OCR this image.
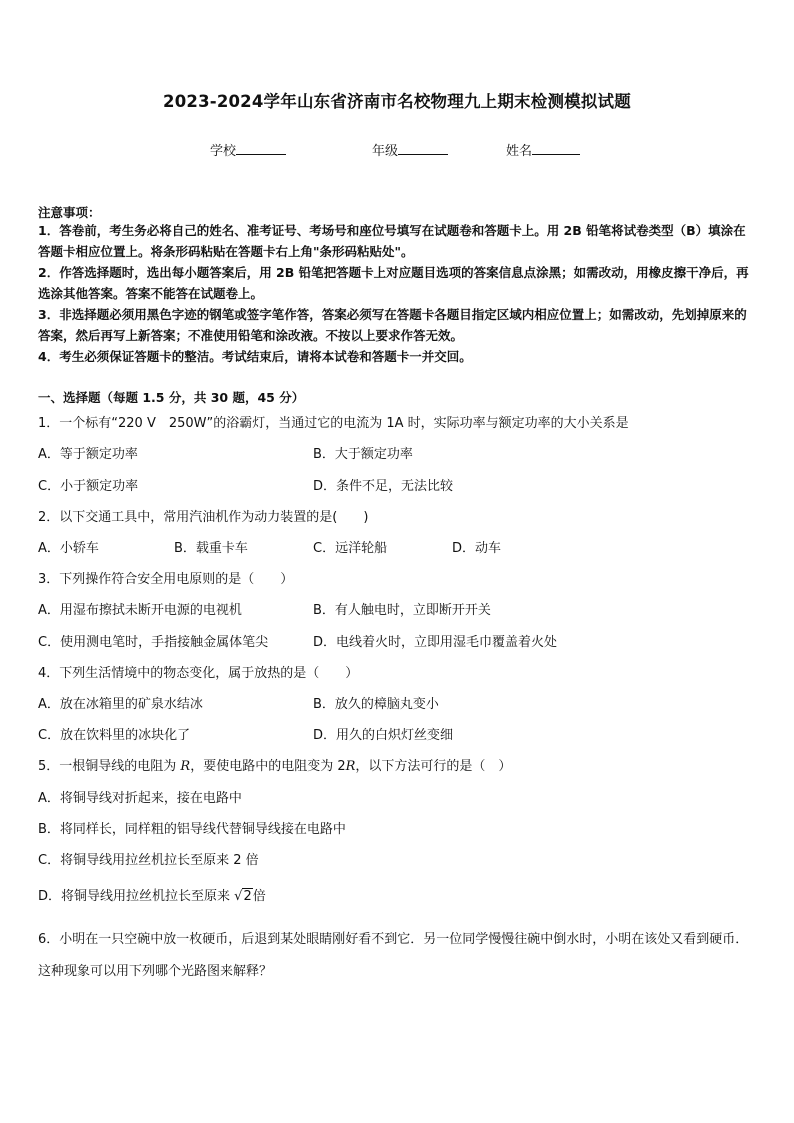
2023-2024学年山东省济南市名校物理九上期末检测模拟试题
学校	年级	姓名
注意事项：
1．答卷前，考生务必将自己的姓名、准考证号、考场号和座位号填写在试题卷和答题卡上。用 2B 铅笔将试卷类型（B）填涂在答题卡相应位置上。将条形码粘贴在答题卡右上角"条形码粘贴处"。
2．作答选择题时，选出每小题答案后，用 2B 铅笔把答题卡上对应题目选项的答案信息点涂黑；如需改动，用橡皮擦干净后，再选涂其他答案。答案不能答在试题卷上。
3．非选择题必须用黑色字迹的钢笔或签字笔作答，答案必须写在答题卡各题目指定区域内相应位置上；如需改动，先划掉原来的答案，然后再写上新答案；不准使用铅笔和涂改液。不按以上要求作答无效。
4．考生必须保证答题卡的整洁。考试结束后，请将本试卷和答题卡一并交回。
一、选择题（每题 1.5 分，共 30 题，45 分）
1．一个标有“220 V　250W”的浴霸灯，当通过它的电流为 1A 时，实际功率与额定功率的大小关系是
A．等于额定功率	B．大于额定功率
C．小于额定功率	D．条件不足，无法比较
2．以下交通工具中，常用汽油机作为动力装置的是(　　)
A．小轿车	B．载重卡车	C．远洋轮船	D．动车
3．下列操作符合安全用电原则的是（　　）
A．用湿布擦拭未断开电源的电视机	B．有人触电时，立即断开开关
C．使用测电笔时，手指接触金属体笔尖	D．电线着火时，立即用湿毛巾覆盖着火处
4．下列生活情境中的物态变化，属于放热的是（　　）
A．放在冰箱里的矿泉水结冰	B．放久的樟脑丸变小
C．放在饮料里的冰块化了	D．用久的白炽灯丝变细
5．一根铜导线的电阻为 R，要使电路中的电阻变为 2R，以下方法可行的是（　）
A．将铜导线对折起来，接在电路中
B．将同样长，同样粗的铝导线代替铜导线接在电路中
C．将铜导线用拉丝机拉长至原来 2 倍
D．将铜导线用拉丝机拉长至原来 √2倍
6．小明在一只空碗中放一枚硬币，后退到某处眼睛刚好看不到它．另一位同学慢慢往碗中倒水时，小明在该处又看到硬币．这种现象可以用下列哪个光路图来解释？
